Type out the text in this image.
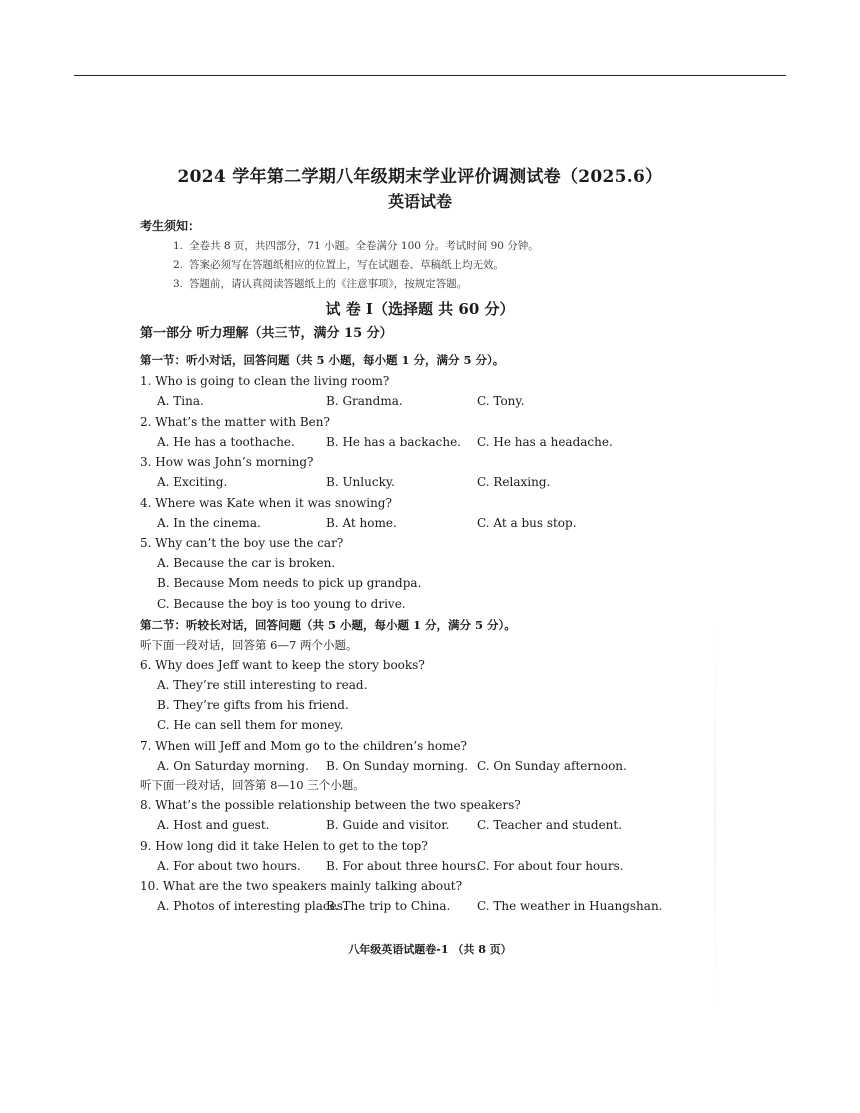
2024 学年第二学期八年级期末学业评价调测试卷（2025.6）
英语试卷

考生须知：

1. 全卷共 8 页，共四部分，71 小题。全卷满分 100 分。考试时间 90 分钟。
2. 答案必须写在答题纸相应的位置上，写在试题卷、草稿纸上均无效。
3. 答题前，请认真阅读答题纸上的《注意事项》，按规定答题。
试 卷 Ⅰ（选择题 共 60 分）

第一部分 听力理解（共三节，满分 15 分）

第一节：听小对话，回答问题（共 5 小题，每小题 1 分，满分 5 分）。

1. Who is going to clean the living room?

A. Tina.	B. Grandma.	C. Tony.

2. What’s the matter with Ben?

A. He has a toothache.	B. He has a backache. C. He has a headache.

3. How was John’s morning?

A. Exciting.	B. Unlucky.	C. Relaxing.

4. Where was Kate when it was snowing?

A. In the cinema.	B. At home.	C. At a bus stop.

5. Why can’t the boy use the car?

A. Because the car is broken.
B. Because Mom needs to pick up grandpa.
C. Because the boy is too young to drive.

第二节：听较长对话，回答问题（共 5 小题，每小题 1 分，满分 5 分）。

听下面一段对话，回答第 6—7 两个小题。

6. Why does Jeff want to keep the story books?

A. They’re still interesting to read.
B. They’re gifts from his friend.
C. He can sell them for money.

7. When will Jeff and Mom go to the children’s home?

A. On Saturday morning. B. On Sunday morning. C. On Sunday afternoon.

听下面一段对话，回答第 8—10 三个小题。

8. What’s the possible relationship between the two speakers?

A. Host and guest.	B. Guide and visitor. C. Teacher and student.

9. How long did it take Helen to get to the top?

A. For about two hours. B. For about three hours.
C. For about four hours.

10. What are the two speakers mainly talking about?

A. Photos of interesting places.
B. The trip to China. C. The weather in Huangshan.
八年级英语试题卷-1 （共 8 页）
